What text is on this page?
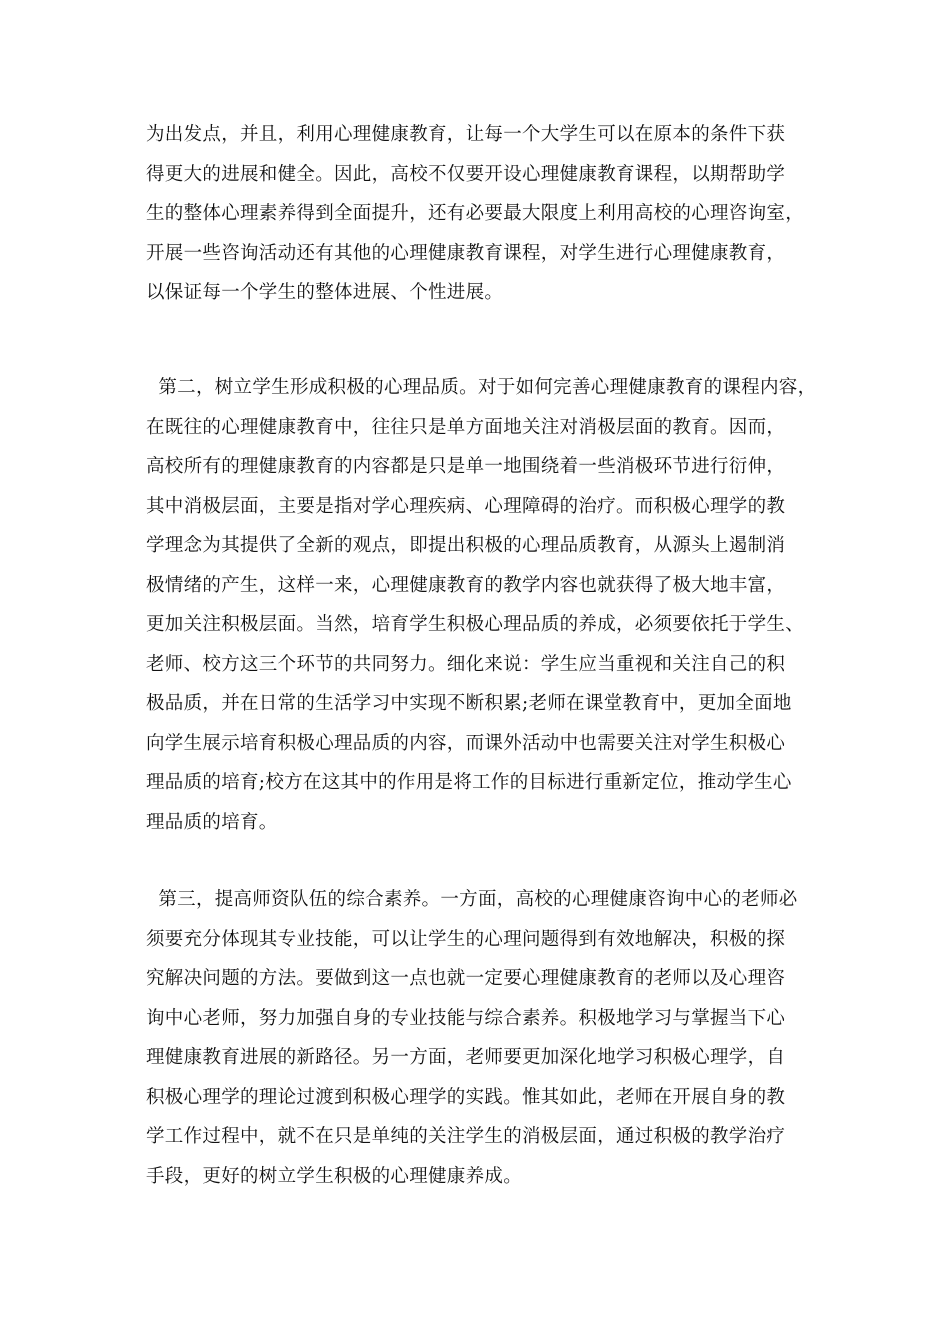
为出发点，并且，利用心理健康教育，让每一个大学生可以在原本的条件下获
得更大的进展和健全。因此，高校不仅要开设心理健康教育课程，以期帮助学
生的整体心理素养得到全面提升，还有必要最大限度上利用高校的心理咨询室，
开展一些咨询活动还有其他的心理健康教育课程，对学生进行心理健康教育，
以保证每一个学生的整体进展、个性进展。
第二，树立学生形成积极的心理品质。对于如何完善心理健康教育的课程内容，
在既往的心理健康教育中，往往只是单方面地关注对消极层面的教育。因而，
高校所有的理健康教育的内容都是只是单一地围绕着一些消极环节进行衍伸，
其中消极层面，主要是指对学心理疾病、心理障碍的治疗。而积极心理学的教
学理念为其提供了全新的观点，即提出积极的心理品质教育，从源头上遏制消
极情绪的产生，这样一来，心理健康教育的教学内容也就获得了极大地丰富，
更加关注积极层面。当然，培育学生积极心理品质的养成，必须要依托于学生、
老师、校方这三个环节的共同努力。细化来说：学生应当重视和关注自己的积
极品质，并在日常的生活学习中实现不断积累;老师在课堂教育中，更加全面地
向学生展示培育积极心理品质的内容，而课外活动中也需要关注对学生积极心
理品质的培育;校方在这其中的作用是将工作的目标进行重新定位，推动学生心
理品质的培育。
第三，提高师资队伍的综合素养。一方面，高校的心理健康咨询中心的老师必
须要充分体现其专业技能，可以让学生的心理问题得到有效地解决，积极的探
究解决问题的方法。要做到这一点也就一定要心理健康教育的老师以及心理咨
询中心老师，努力加强自身的专业技能与综合素养。积极地学习与掌握当下心
理健康教育进展的新路径。另一方面，老师要更加深化地学习积极心理学，自
积极心理学的理论过渡到积极心理学的实践。惟其如此，老师在开展自身的教
学工作过程中，就不在只是单纯的关注学生的消极层面，通过积极的教学治疗
手段，更好的树立学生积极的心理健康养成。
